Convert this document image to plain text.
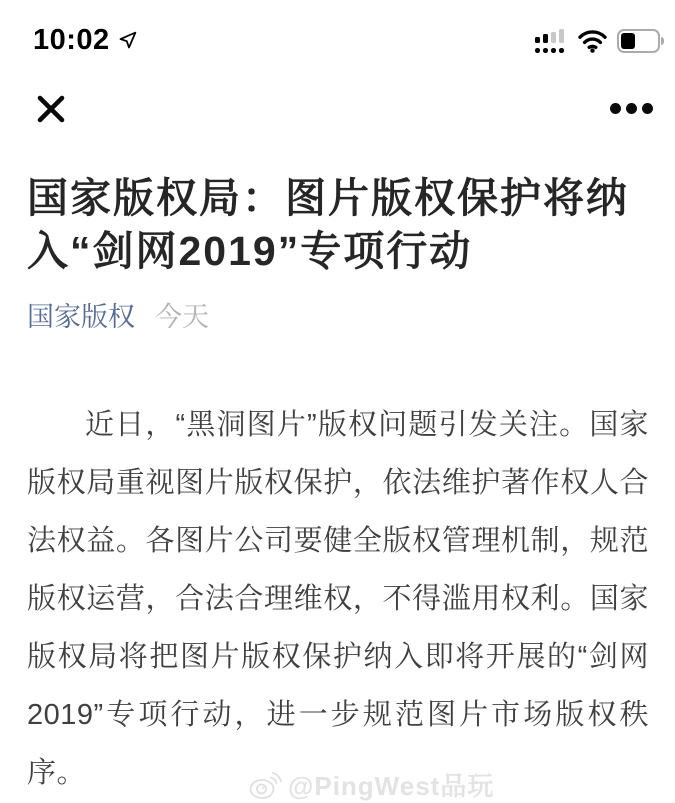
10:02
国家版权局：图片版权保护将纳入“剑网2019”专项行动
国家版权 今天

近日，“黑洞图片”版权问题引发关注。国家版权局重视图片版权保护，依法维护著作权人合法权益。各图片公司要健全版权管理机制，规范版权运营，合法合理维权，不得滥用权利。国家版权局将把图片版权保护纳入即将开展的“剑网2019”专项行动，进一步规范图片市场版权秩序。	@PingWest品玩
